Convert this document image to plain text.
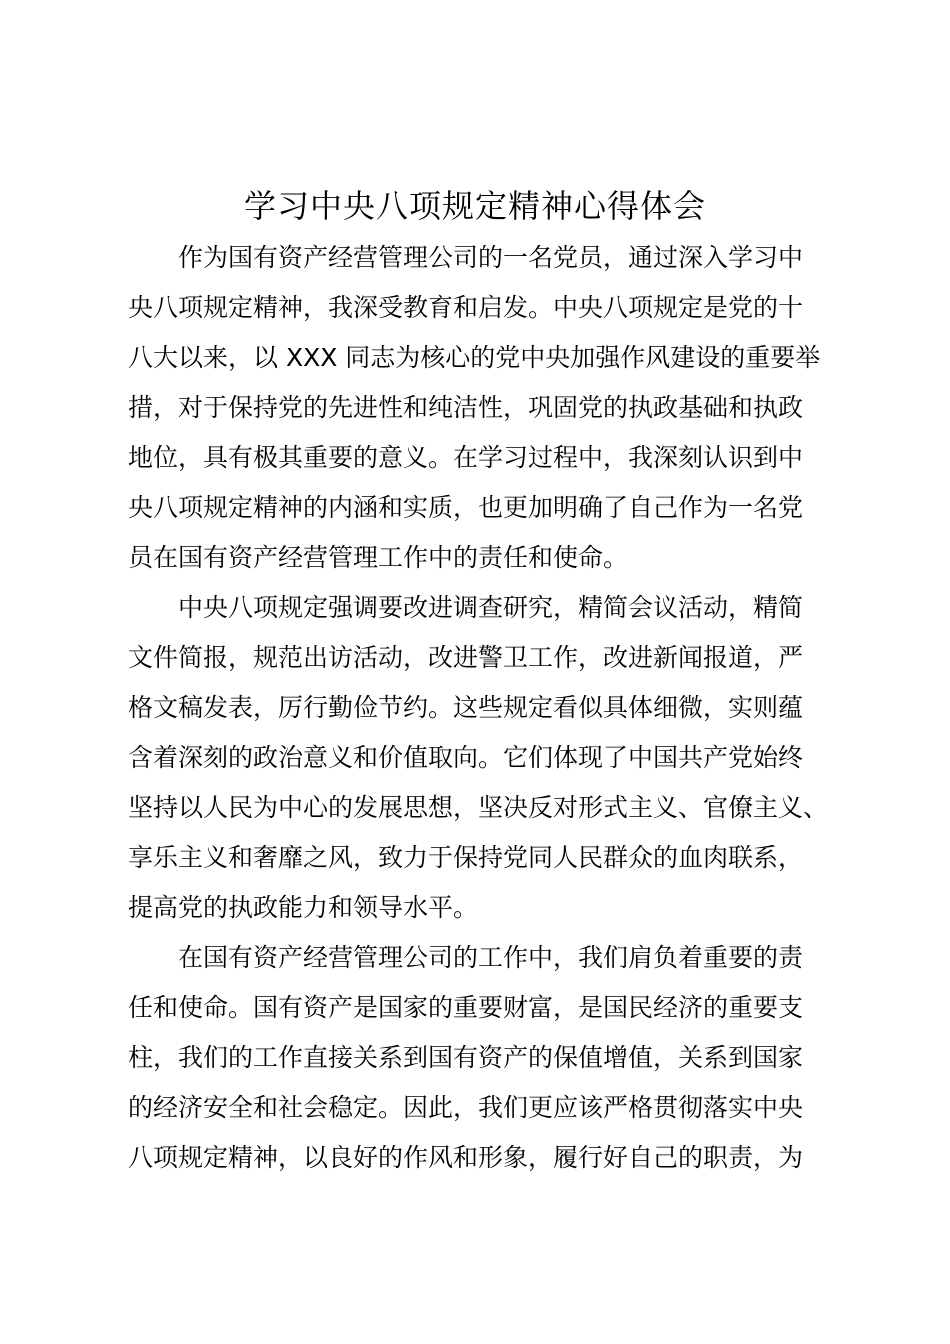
学习中央八项规定精神心得体会
作为国有资产经营管理公司的一名党员，通过深入学习中
央八项规定精神，我深受教育和启发。中央八项规定是党的十
八大以来，以 XXX 同志为核心的党中央加强作风建设的重要举
措，对于保持党的先进性和纯洁性，巩固党的执政基础和执政
地位，具有极其重要的意义。在学习过程中，我深刻认识到中
央八项规定精神的内涵和实质，也更加明确了自己作为一名党
员在国有资产经营管理工作中的责任和使命。
中央八项规定强调要改进调查研究，精简会议活动，精简
文件简报，规范出访活动，改进警卫工作，改进新闻报道，严
格文稿发表，厉行勤俭节约。这些规定看似具体细微，实则蕴
含着深刻的政治意义和价值取向。它们体现了中国共产党始终
坚持以人民为中心的发展思想，坚决反对形式主义、官僚主义、
享乐主义和奢靡之风，致力于保持党同人民群众的血肉联系，
提高党的执政能力和领导水平。
在国有资产经营管理公司的工作中，我们肩负着重要的责
任和使命。国有资产是国家的重要财富，是国民经济的重要支
柱，我们的工作直接关系到国有资产的保值增值，关系到国家
的经济安全和社会稳定。因此，我们更应该严格贯彻落实中央
八项规定精神，以良好的作风和形象，履行好自己的职责，为
